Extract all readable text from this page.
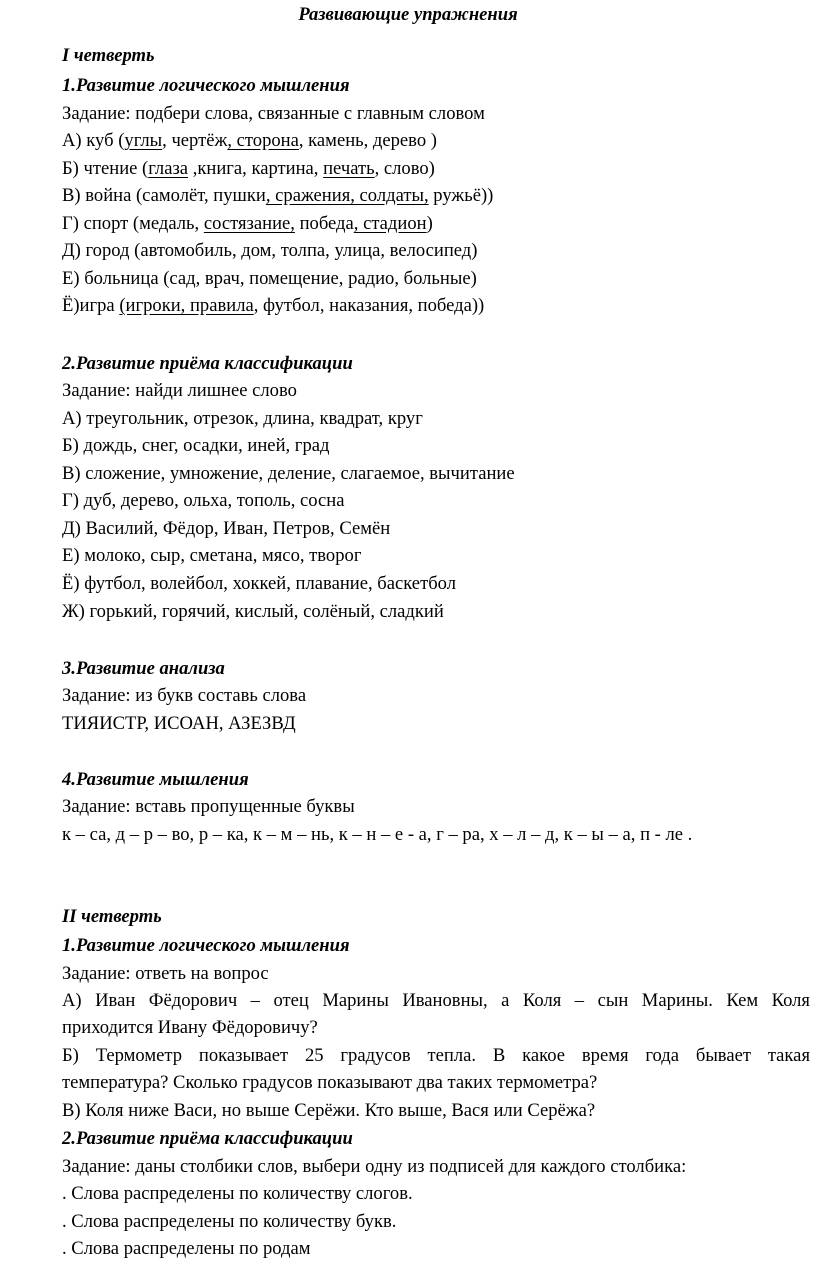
Развивающие упражнения
I четверть
1.Развитие логического мышления
Задание: подбери слова, связанные с главным словом
А) куб (углы, чертёж, сторона, камень, дерево )
Б) чтение (глаза ,книга, картина, печать, слово)
В) война (самолёт, пушки, сражения, солдаты, ружьё))
Г) спорт (медаль, состязание, победа, стадион)
Д) город (автомобиль, дом, толпа, улица, велосипед)
Е) больница (сад, врач, помещение, радио, больные)
Ё)игра (игроки, правила, футбол, наказания, победа))
2.Развитие приёма классификации
Задание: найди лишнее слово
А) треугольник, отрезок, длина, квадрат, круг
Б) дождь, снег, осадки, иней, град
В) сложение, умножение, деление, слагаемое, вычитание
Г) дуб, дерево, ольха, тополь, сосна
Д) Василий, Фёдор, Иван, Петров, Семён
Е) молоко, сыр, сметана, мясо, творог
Ё) футбол, волейбол, хоккей, плавание, баскетбол
Ж) горький, горячий, кислый, солёный, сладкий
3.Развитие анализа
Задание: из букв составь слова
ТИЯИСТР, ИСОАН, АЗЕЗВД
4.Развитие мышления
Задание: вставь пропущенные буквы
к – са, д – р – во, р – ка, к – м – нь, к – н – е - а, г – ра, х – л – д, к – ы – а, п - ле .
II четверть
1.Развитие логического мышления
Задание: ответь на вопрос
А) Иван Фёдорович – отец Марины Ивановны, а Коля – сын Марины. Кем Коля
приходится Ивану Фёдоровичу?
Б) Термометр показывает 25 градусов тепла. В какое время года бывает такая
температура? Сколько градусов показывают два таких термометра?
В) Коля ниже Васи, но выше Серёжи. Кто выше, Вася или Серёжа?
2.Развитие приёма классификации
Задание: даны столбики слов, выбери одну из подписей для каждого столбика:
. Слова распределены по количеству слогов.
. Слова распределены по количеству букв.
. Слова распределены по родам
